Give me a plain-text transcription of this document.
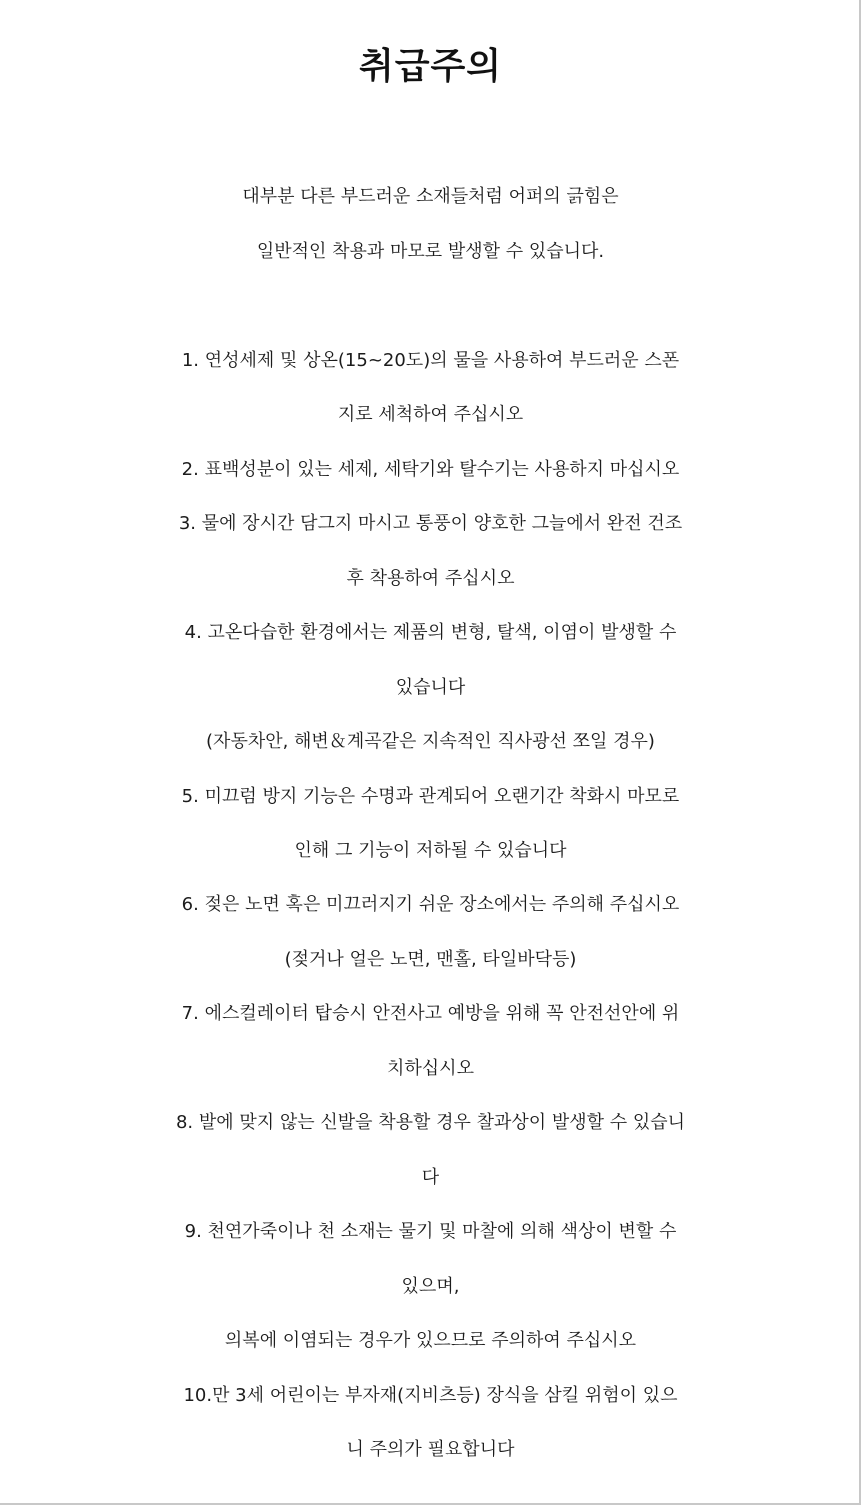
취급주의
대부분 다른 부드러운 소재들처럼 어퍼의 긁힘은
일반적인 착용과 마모로 발생할 수 있습니다.
1. 연성세제 및 상온(15~20도)의 물을 사용하여 부드러운 스폰
지로 세척하여 주십시오
2. 표백성분이 있는 세제, 세탁기와 탈수기는 사용하지 마십시오
3. 물에 장시간 담그지 마시고 통풍이 양호한 그늘에서 완전 건조
후 착용하여 주십시오
4. 고온다습한 환경에서는 제품의 변형, 탈색, 이염이 발생할 수
있습니다
(자동차안, 해변＆계곡같은 지속적인 직사광선 쪼일 경우)
5. 미끄럼 방지 기능은 수명과 관계되어 오랜기간 착화시 마모로
인해 그 기능이 저하될 수 있습니다
6. 젖은 노면 혹은 미끄러지기 쉬운 장소에서는 주의해 주십시오
(젖거나 얼은 노면, 맨홀, 타일바닥등)
7. 에스컬레이터 탑승시 안전사고 예방을 위해 꼭 안전선안에 위
치하십시오
8. 발에 맞지 않는 신발을 착용할 경우 찰과상이 발생할 수 있습니
다
9. 천연가죽이나 천 소재는 물기 및 마찰에 의해 색상이 변할 수
있으며,
의복에 이염되는 경우가 있으므로 주의하여 주십시오
10.만 3세 어린이는 부자재(지비츠등) 장식을 삼킬 위험이 있으
니 주의가 필요합니다
